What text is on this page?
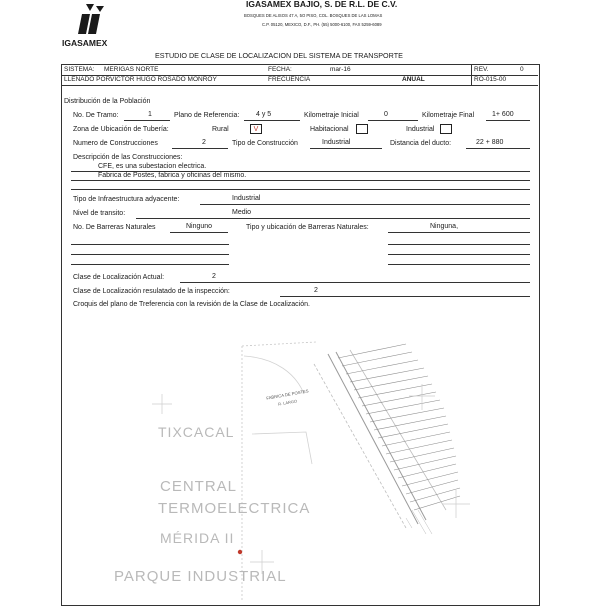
IGASAMEX
IGASAMEX BAJIO, S. DE R.L. DE C.V.
BOSQUES DE ALISOS 47 A, 5O PISO, COL. BOSQUES DE LAS LOMAS
C.P. 05120, MEXICO, D.F., PH. (55) 5000-6100, FAX 5259-6089
ESTUDIO DE CLASE DE LOCALIZACION DEL SISTEMA DE TRANSPORTE
SISTEMA: MERIGAS NORTE	FECHA:	mar-16	REV.	0
LLENADO POR:
VICTOR HUGO ROSADO MONROY	FRECUENCIA	ANUAL	RO-015-00
Distribución de la Población
No. De Tramo:	1	Plano de Referencia: 4 y 5	Kilometraje Inicial	0	Kilometraje Final	1+ 600
Zona de Ubicación de Tubería:	Rural	V	Habitacional	Industrial
Numero de Construcciones	2	Tipo de Construcción	Industrial	Distancia del ducto:	22 + 880
Descripción de las Construcciones:
CFE, es una subestacion electrica.
Fabrica de Postes, fabrica y oficinas del mismo.
Tipo de Infraestructura adyacente:	Industrial
Nivel de transito:	Medio
No. De Barreras Naturales	Ninguno	Tipo y ubicación de Barreras Naturales:	Ninguna,
Clase de Localización Actual:	2
Clase de Localización resulatado de la inspección:	2
Croquis del plano de Treferencia con la revisión de la Clase de Localización.
TIXCACAL
CENTRAL
TERMOELECTRICA
MÉRIDA II
PARQUE INDUSTRIAL
FABRICA DE POSTES
R. LARGO
